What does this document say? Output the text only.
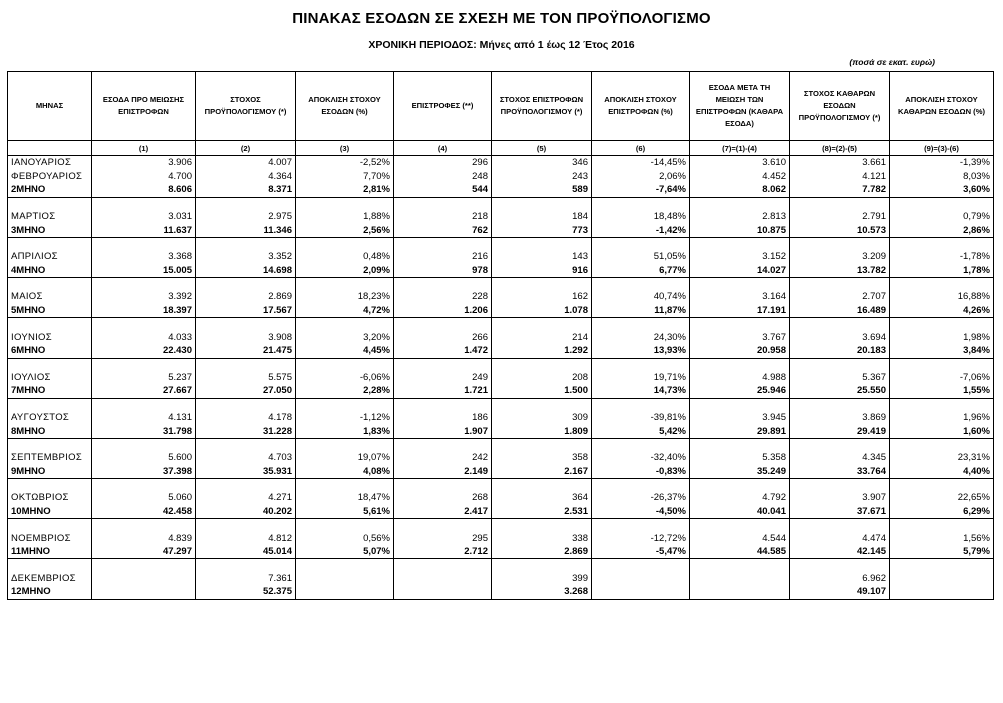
ΠΙΝΑΚΑΣ ΕΣΟΔΩΝ ΣΕ ΣΧΕΣΗ ΜΕ ΤΟΝ ΠΡΟΫΠΟΛΟΓΙΣΜΟ
ΧΡΟΝΙΚΗ ΠΕΡΙΟΔΟΣ: Μήνες από 1 έως 12 Έτος 2016
(ποσά σε εκατ. ευρώ)
ΜΗΝΑΣ	ΕΣΟΔΑ ΠΡΟ ΜΕΙΩΣΗΣ ΕΠΙΣΤΡΟΦΩΝ	ΣΤΟΧΟΣ ΠΡΟΫΠΟΛΟΓΙΣΜΟΥ (*)	ΑΠΟΚΛΙΣΗ ΣΤΟΧΟΥ ΕΣΟΔΩΝ (%)	ΕΠΙΣΤΡΟΦΕΣ (**)	ΣΤΟΧΟΣ ΕΠΙΣΤΡΟΦΩΝ ΠΡΟΫΠΟΛΟΓΙΣΜΟΥ (*)	ΑΠΟΚΛΙΣΗ ΣΤΟΧΟΥ ΕΠΙΣΤΡΟΦΩΝ (%)	ΕΣΟΔΑ ΜΕΤΑ ΤΗ ΜΕΙΩΣΗ ΤΩΝ ΕΠΙΣΤΡΟΦΩΝ (ΚΑΘΑΡΑ ΕΣΟΔΑ)	ΣΤΟΧΟΣ ΚΑΘΑΡΩΝ ΕΣΟΔΩΝ ΠΡΟΫΠΟΛΟΓΙΣΜΟΥ (*)	ΑΠΟΚΛΙΣΗ ΣΤΟΧΟΥ ΚΑΘΑΡΩΝ ΕΣΟΔΩΝ (%)
	(1)	(2)	(3)	(4)	(5)	(6)	(7)=(1)-(4)	(8)=(2)-(5)	(9)=(3)-(6)
ΙΑΝΟΥΑΡΙΟΣ	3.906	4.007	-2,52%	296	346	-14,45%	3.610	3.661	-1,39%
ΦΕΒΡΟΥΑΡΙΟΣ	4.700	4.364	7,70%	248	243	2,06%	4.452	4.121	8,03%
2ΜΗΝΟ	8.606	8.371	2,81%	544	589	-7,64%	8.062	7.782	3,60%

ΜΑΡΤΙΟΣ	3.031	2.975	1,88%	218	184	18,48%	2.813	2.791	0,79%
3ΜΗΝΟ	11.637	11.346	2,56%	762	773	-1,42%	10.875	10.573	2,86%

ΑΠΡΙΛΙΟΣ	3.368	3.352	0,48%	216	143	51,05%	3.152	3.209	-1,78%
4ΜΗΝΟ	15.005	14.698	2,09%	978	916	6,77%	14.027	13.782	1,78%

ΜΑΙΟΣ	3.392	2.869	18,23%	228	162	40,74%	3.164	2.707	16,88%
5ΜΗΝΟ	18.397	17.567	4,72%	1.206	1.078	11,87%	17.191	16.489	4,26%

ΙΟΥΝΙΟΣ	4.033	3.908	3,20%	266	214	24,30%	3.767	3.694	1,98%
6ΜΗΝΟ	22.430	21.475	4,45%	1.472	1.292	13,93%	20.958	20.183	3,84%

ΙΟΥΛΙΟΣ	5.237	5.575	-6,06%	249	208	19,71%	4.988	5.367	-7,06%
7ΜΗΝΟ	27.667	27.050	2,28%	1.721	1.500	14,73%	25.946	25.550	1,55%

ΑΥΓΟΥΣΤΟΣ	4.131	4.178	-1,12%	186	309	-39,81%	3.945	3.869	1,96%
8ΜΗΝΟ	31.798	31.228	1,83%	1.907	1.809	5,42%	29.891	29.419	1,60%

ΣΕΠΤΕΜΒΡΙΟΣ	5.600	4.703	19,07%	242	358	-32,40%	5.358	4.345	23,31%
9ΜΗΝΟ	37.398	35.931	4,08%	2.149	2.167	-0,83%	35.249	33.764	4,40%

ΟΚΤΩΒΡΙΟΣ	5.060	4.271	18,47%	268	364	-26,37%	4.792	3.907	22,65%
10ΜΗΝΟ	42.458	40.202	5,61%	2.417	2.531	-4,50%	40.041	37.671	6,29%

ΝΟΕΜΒΡΙΟΣ	4.839	4.812	0,56%	295	338	-12,72%	4.544	4.474	1,56%
11ΜΗΝΟ	47.297	45.014	5,07%	2.712	2.869	-5,47%	44.585	42.145	5,79%

ΔΕΚΕΜΒΡΙΟΣ		7.361			399			6.962	
12ΜΗΝΟ		52.375			3.268			49.107	
